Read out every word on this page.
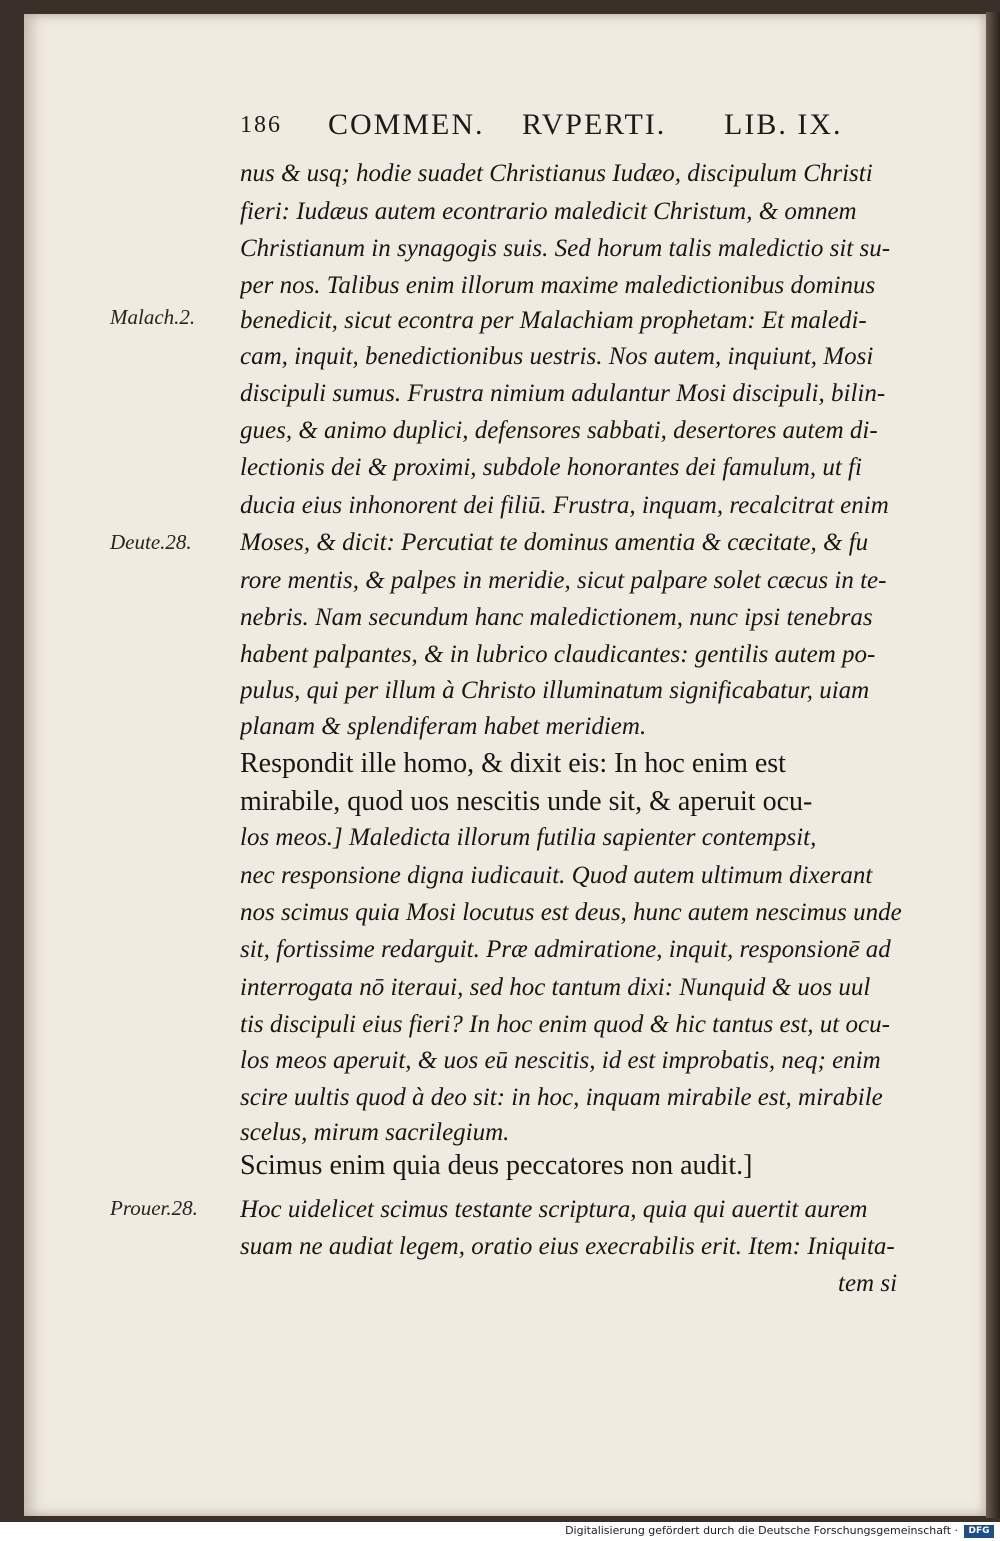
186 COMMEN. RVPERTI. LIB. IX.
Malach.2.
Deute.28.
Prouer.28.
nus & usq; hodie suadet Christianus Iudæo, discipulum Christi
fieri: Iudæus autem econtrario maledicit Christum, & omnem
Christianum in synagogis suis. Sed horum talis maledictio sit su-
per nos. Talibus enim illorum maxime maledictionibus dominus
benedicit, sicut econtra per Malachiam prophetam: Et maledi-
cam, inquit, benedictionibus uestris. Nos autem, inquiunt, Mosi
discipuli sumus. Frustra nimium adulantur Mosi discipuli, bilin-
gues, & animo duplici, defensores sabbati, desertores autem di-
lectionis dei & proximi, subdole honorantes dei famulum, ut fi
ducia eius inhonorent dei filiū. Frustra, inquam, recalcitrat enim
Moses, & dicit: Percutiat te dominus amentia & cæcitate, & fu
rore mentis, & palpes in meridie, sicut palpare solet cæcus in te-
nebris. Nam secundum hanc maledictionem, nunc ipsi tenebras
habent palpantes, & in lubrico claudicantes: gentilis autem po-
pulus, qui per illum à Christo illuminatum significabatur, uiam
planam & splendiferam habet meridiem.
Respondit ille homo, & dixit eis: In hoc enim est
mirabile, quod uos nescitis unde sit, & aperuit ocu-
los meos.] Maledicta illorum futilia sapienter contempsit,
nec responsione digna iudicauit. Quod autem ultimum dixerant
nos scimus quia Mosi locutus est deus, hunc autem nescimus unde
sit, fortissime redarguit. Præ admiratione, inquit, responsionē ad
interrogata nō iteraui, sed hoc tantum dixi: Nunquid & uos uul
tis discipuli eius fieri? In hoc enim quod & hic tantus est, ut ocu-
los meos aperuit, & uos eū nescitis, id est improbatis, neq; enim
scire uultis quod à deo sit: in hoc, inquam mirabile est, mirabile
scelus, mirum sacrilegium.
Scimus enim quia deus peccatores non audit.]
Hoc uidelicet scimus testante scriptura, quia qui auertit aurem
suam ne audiat legem, oratio eius execrabilis erit. Item: Iniquita-
tem si
Digitalisierung gefördert durch die Deutsche Forschungsgemeinschaft ·	DFG
